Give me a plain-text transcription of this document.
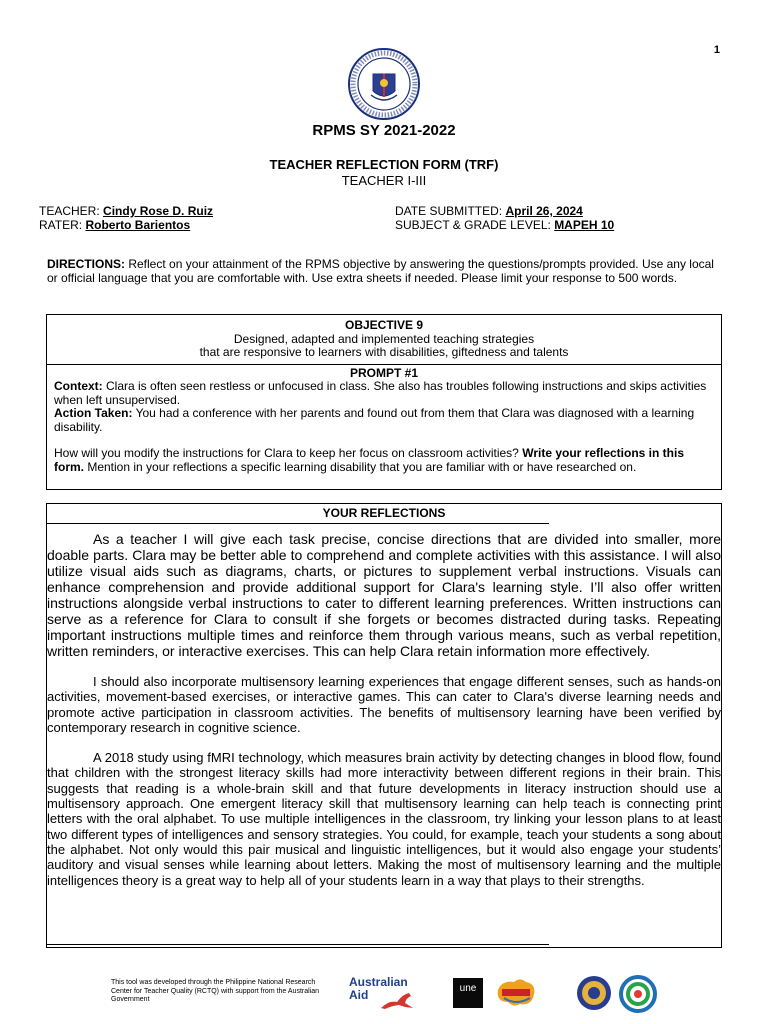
1
RPMS SY 2021-2022
TEACHER REFLECTION FORM (TRF)
TEACHER I-III
TEACHER: Cindy Rose D. Ruiz
RATER: Roberto Barientos
DATE SUBMITTED: April 26, 2024
SUBJECT & GRADE LEVEL: MAPEH 10
DIRECTIONS: Reflect on your attainment of the RPMS objective by answering the questions/prompts provided. Use any local or official language that you are comfortable with. Use extra sheets if needed. Please limit your response to 500 words.
OBJECTIVE 9
Designed, adapted and implemented teaching strategies
that are responsive to learners with disabilities, giftedness and talents
PROMPT #1

Context: Clara is often seen restless or unfocused in class. She also has troubles following instructions and skips activities when left unsupervised.

Action Taken: You had a conference with her parents and found out from them that Clara was diagnosed with a learning disability.

How will you modify the instructions for Clara to keep her focus on classroom activities? Write your reflections in this form. Mention in your reflections a specific learning disability that you are familiar with or have researched on.

YOUR REFLECTIONS

As a teacher I will give each task precise, concise directions that are divided into smaller, more doable parts. Clara may be better able to comprehend and complete activities with this assistance. I will also utilize visual aids such as diagrams, charts, or pictures to supplement verbal instructions. Visuals can enhance comprehension and provide additional support for Clara's learning style. I’ll also offer written instructions alongside verbal instructions to cater to different learning preferences. Written instructions can serve as a reference for Clara to consult if she forgets or becomes distracted during tasks. Repeating important instructions multiple times and reinforce them through various means, such as verbal repetition, written reminders, or interactive exercises. This can help Clara retain information more effectively.

I should also incorporate multisensory learning experiences that engage different senses, such as hands-on activities, movement-based exercises, or interactive games. This can cater to Clara's diverse learning needs and promote active participation in classroom activities. The benefits of multisensory learning have been verified by contemporary research in cognitive science.

A 2018 study using fMRI technology, which measures brain activity by detecting changes in blood flow, found that children with the strongest literacy skills had more interactivity between different regions in their brain. This suggests that reading is a whole-brain skill and that future developments in literacy instruction should use a multisensory approach. One emergent literacy skill that multisensory learning can help teach is connecting print letters with the oral alphabet. To use multiple intelligences in the classroom, try linking your lesson plans to at least two different types of intelligences and sensory strategies. You could, for example, teach your students a song about the alphabet. Not only would this pair musical and linguistic intelligences, but it would also engage your students’ auditory and visual senses while learning about letters. Making the most of multisensory learning and the multiple intelligences theory is a great way to help all of your students learn in a way that plays to their strengths.

This tool was developed through the Philippine National Research Center for Teacher Quality (RCTQ) with support from the Australian Government
Australian
Aid	une
